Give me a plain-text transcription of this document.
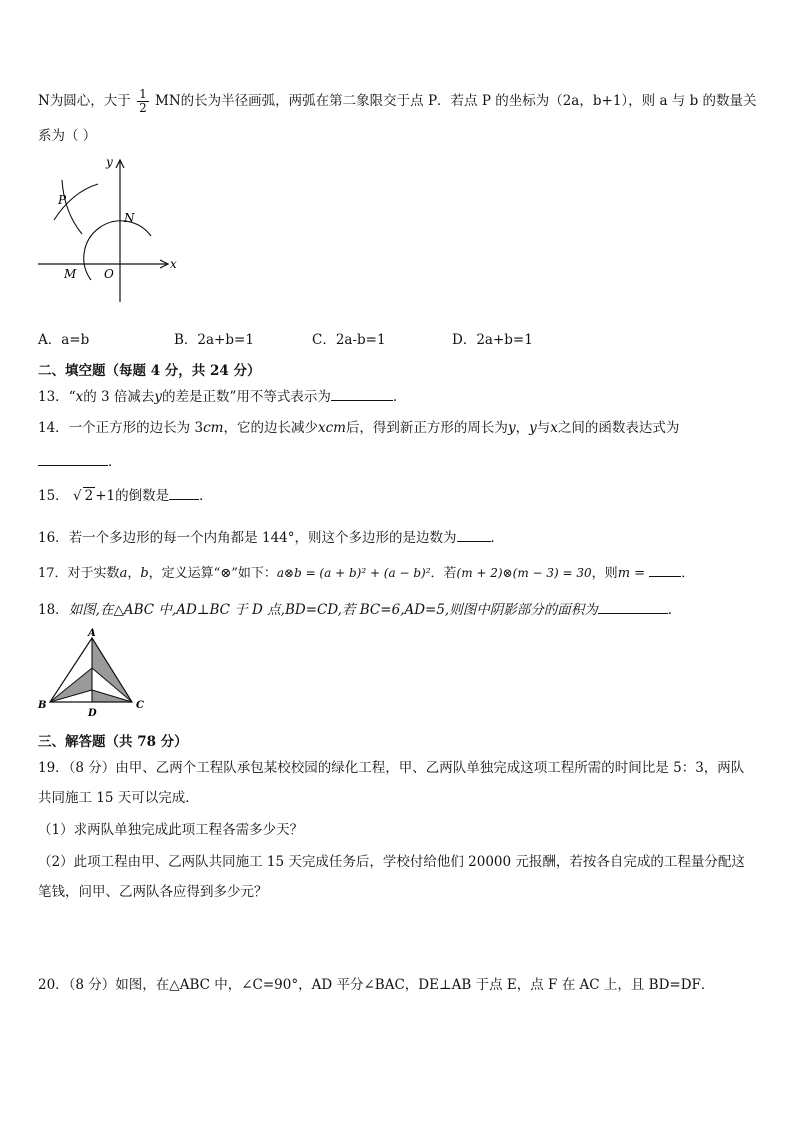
N为圆心，大于 $\frac{1}{2}$ MN的长为半径画弧，两弧在第二象限交于点 P．若点 P 的坐标为（2a，b+1），则 a 与 b 的数量关
系为（ ）
y
x
P
N
M O
A．a=b	B．2a+b=1	C．2a-b=1	D．2a+b=1
二、填空题（每题 4 分，共 24 分）
13．“x的 3 倍减去y的差是正数”用不等式表示为	．
14．一个正方形的边长为 3cm，它的边长减少xcm后，得到新正方形的周长为y，y与x之间的函数表达式为
．
15． √ 2 +1的倒数是 ．
16．若一个多边形的每一个内角都是 144°，则这个多边形的是边数为	．
17．对于实数a，b，定义运算“⊗”如下：a⊗b = (a + b)² + (a − b)²．若(m + 2)⊗(m − 3) = 30，则m =	．
18．如图,在△ABC 中,AD⊥BC 于 D 点,BD=CD,若 BC=6,AD=5,则图中阴影部分的面积为	．
A
B	C
D
三、解答题（共 78 分）
19．（8 分）由甲、乙两个工程队承包某校校园的绿化工程，甲、乙两队单独完成这项工程所需的时间比是 5：3，两队
共同施工 15 天可以完成．
（1）求两队单独完成此项工程各需多少天？
（2）此项工程由甲、乙两队共同施工 15 天完成任务后，学校付给他们 20000 元报酬，若按各自完成的工程量分配这
笔钱，问甲、乙两队各应得到多少元？
20．（8 分）如图，在△ABC 中，∠C=90°，AD 平分∠BAC，DE⊥AB 于点 E，点 F 在 AC 上，且 BD=DF．
